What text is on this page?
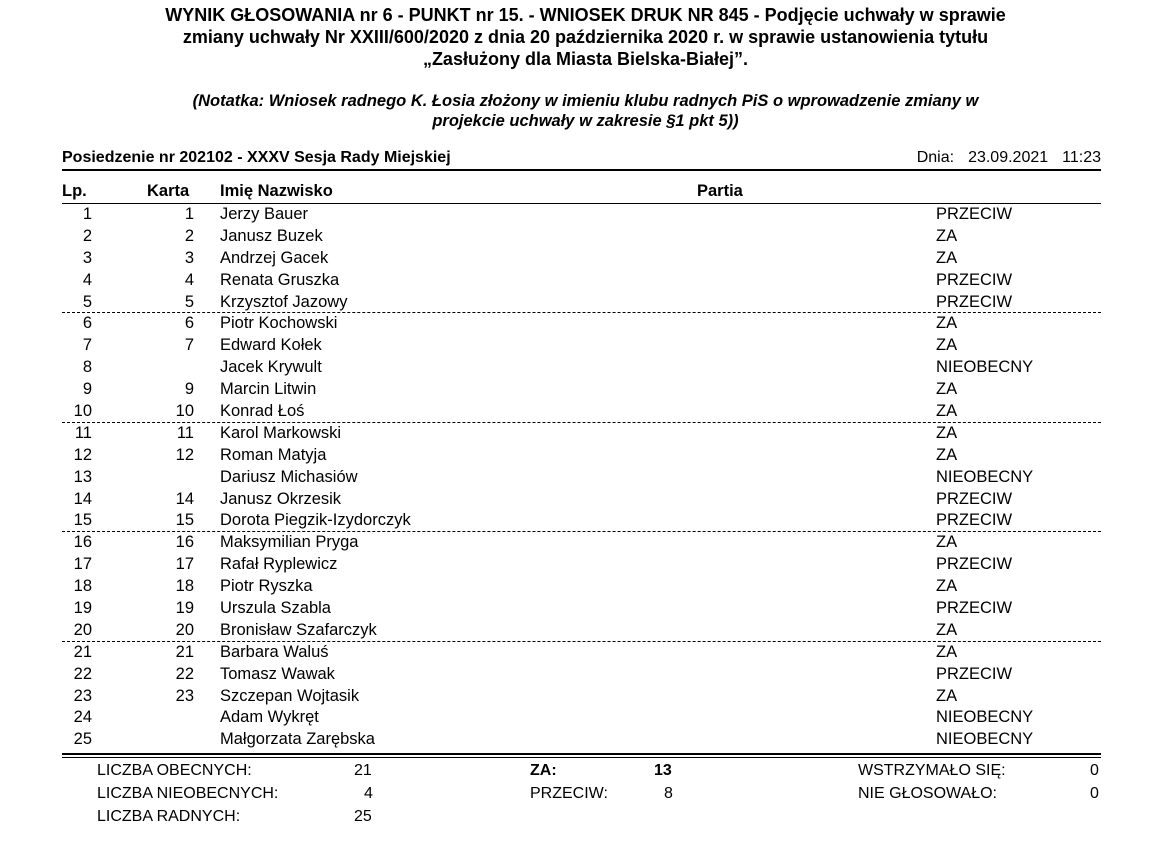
WYNIK GŁOSOWANIA nr 6 - PUNKT nr 15. - WNIOSEK DRUK NR 845 - Podjęcie uchwały w sprawie
zmiany uchwały Nr XXIII/600/2020 z dnia 20 października 2020 r. w sprawie ustanowienia tytułu
„Zasłużony dla Miasta Bielska-Białej”.
(Notatka: Wniosek radnego K. Łosia złożony w imieniu klubu radnych PiS o wprowadzenie zmiany w
projekcie uchwały w zakresie §1 pkt 5))
Posiedzenie nr 202102 - XXXV Sesja Rady Miejskiej	Dnia: 23.09.2021 11:23
Lp.	Karta Imię Nazwisko	Partia
1	1 Jerzy Bauer	PRZECIW
2	2 Janusz Buzek	ZA
3	3 Andrzej Gacek	ZA
4	4 Renata Gruszka	PRZECIW
5	5 Krzysztof Jazowy	PRZECIW
6	6 Piotr Kochowski	ZA
7	7 Edward Kołek	ZA
8	Jacek Krywult	NIEOBECNY
9	9 Marcin Litwin	ZA
10	10 Konrad Łoś	ZA
11	11 Karol Markowski	ZA
12	12 Roman Matyja	ZA
13	Dariusz Michasiów	NIEOBECNY
14	14 Janusz Okrzesik	PRZECIW
15	15 Dorota Piegzik-Izydorczyk	PRZECIW
16	16 Maksymilian Pryga	ZA
17	17 Rafał Ryplewicz	PRZECIW
18	18 Piotr Ryszka	ZA
19	19 Urszula Szabla	PRZECIW
20	20 Bronisław Szafarczyk	ZA
21	21 Barbara Waluś	ZA
22	22 Tomasz Wawak	PRZECIW
23	23 Szczepan Wojtasik	ZA
24	Adam Wykręt	NIEOBECNY
25	Małgorzata Zarębska	NIEOBECNY
LICZBA OBECNYCH:	21
LICZBA NIEOBECNYCH:	4
LICZBA RADNYCH:	25
ZA:	13
PRZECIW:	8
WSTRZYMAŁO SIĘ:	0
NIE GŁOSOWAŁO:	0
